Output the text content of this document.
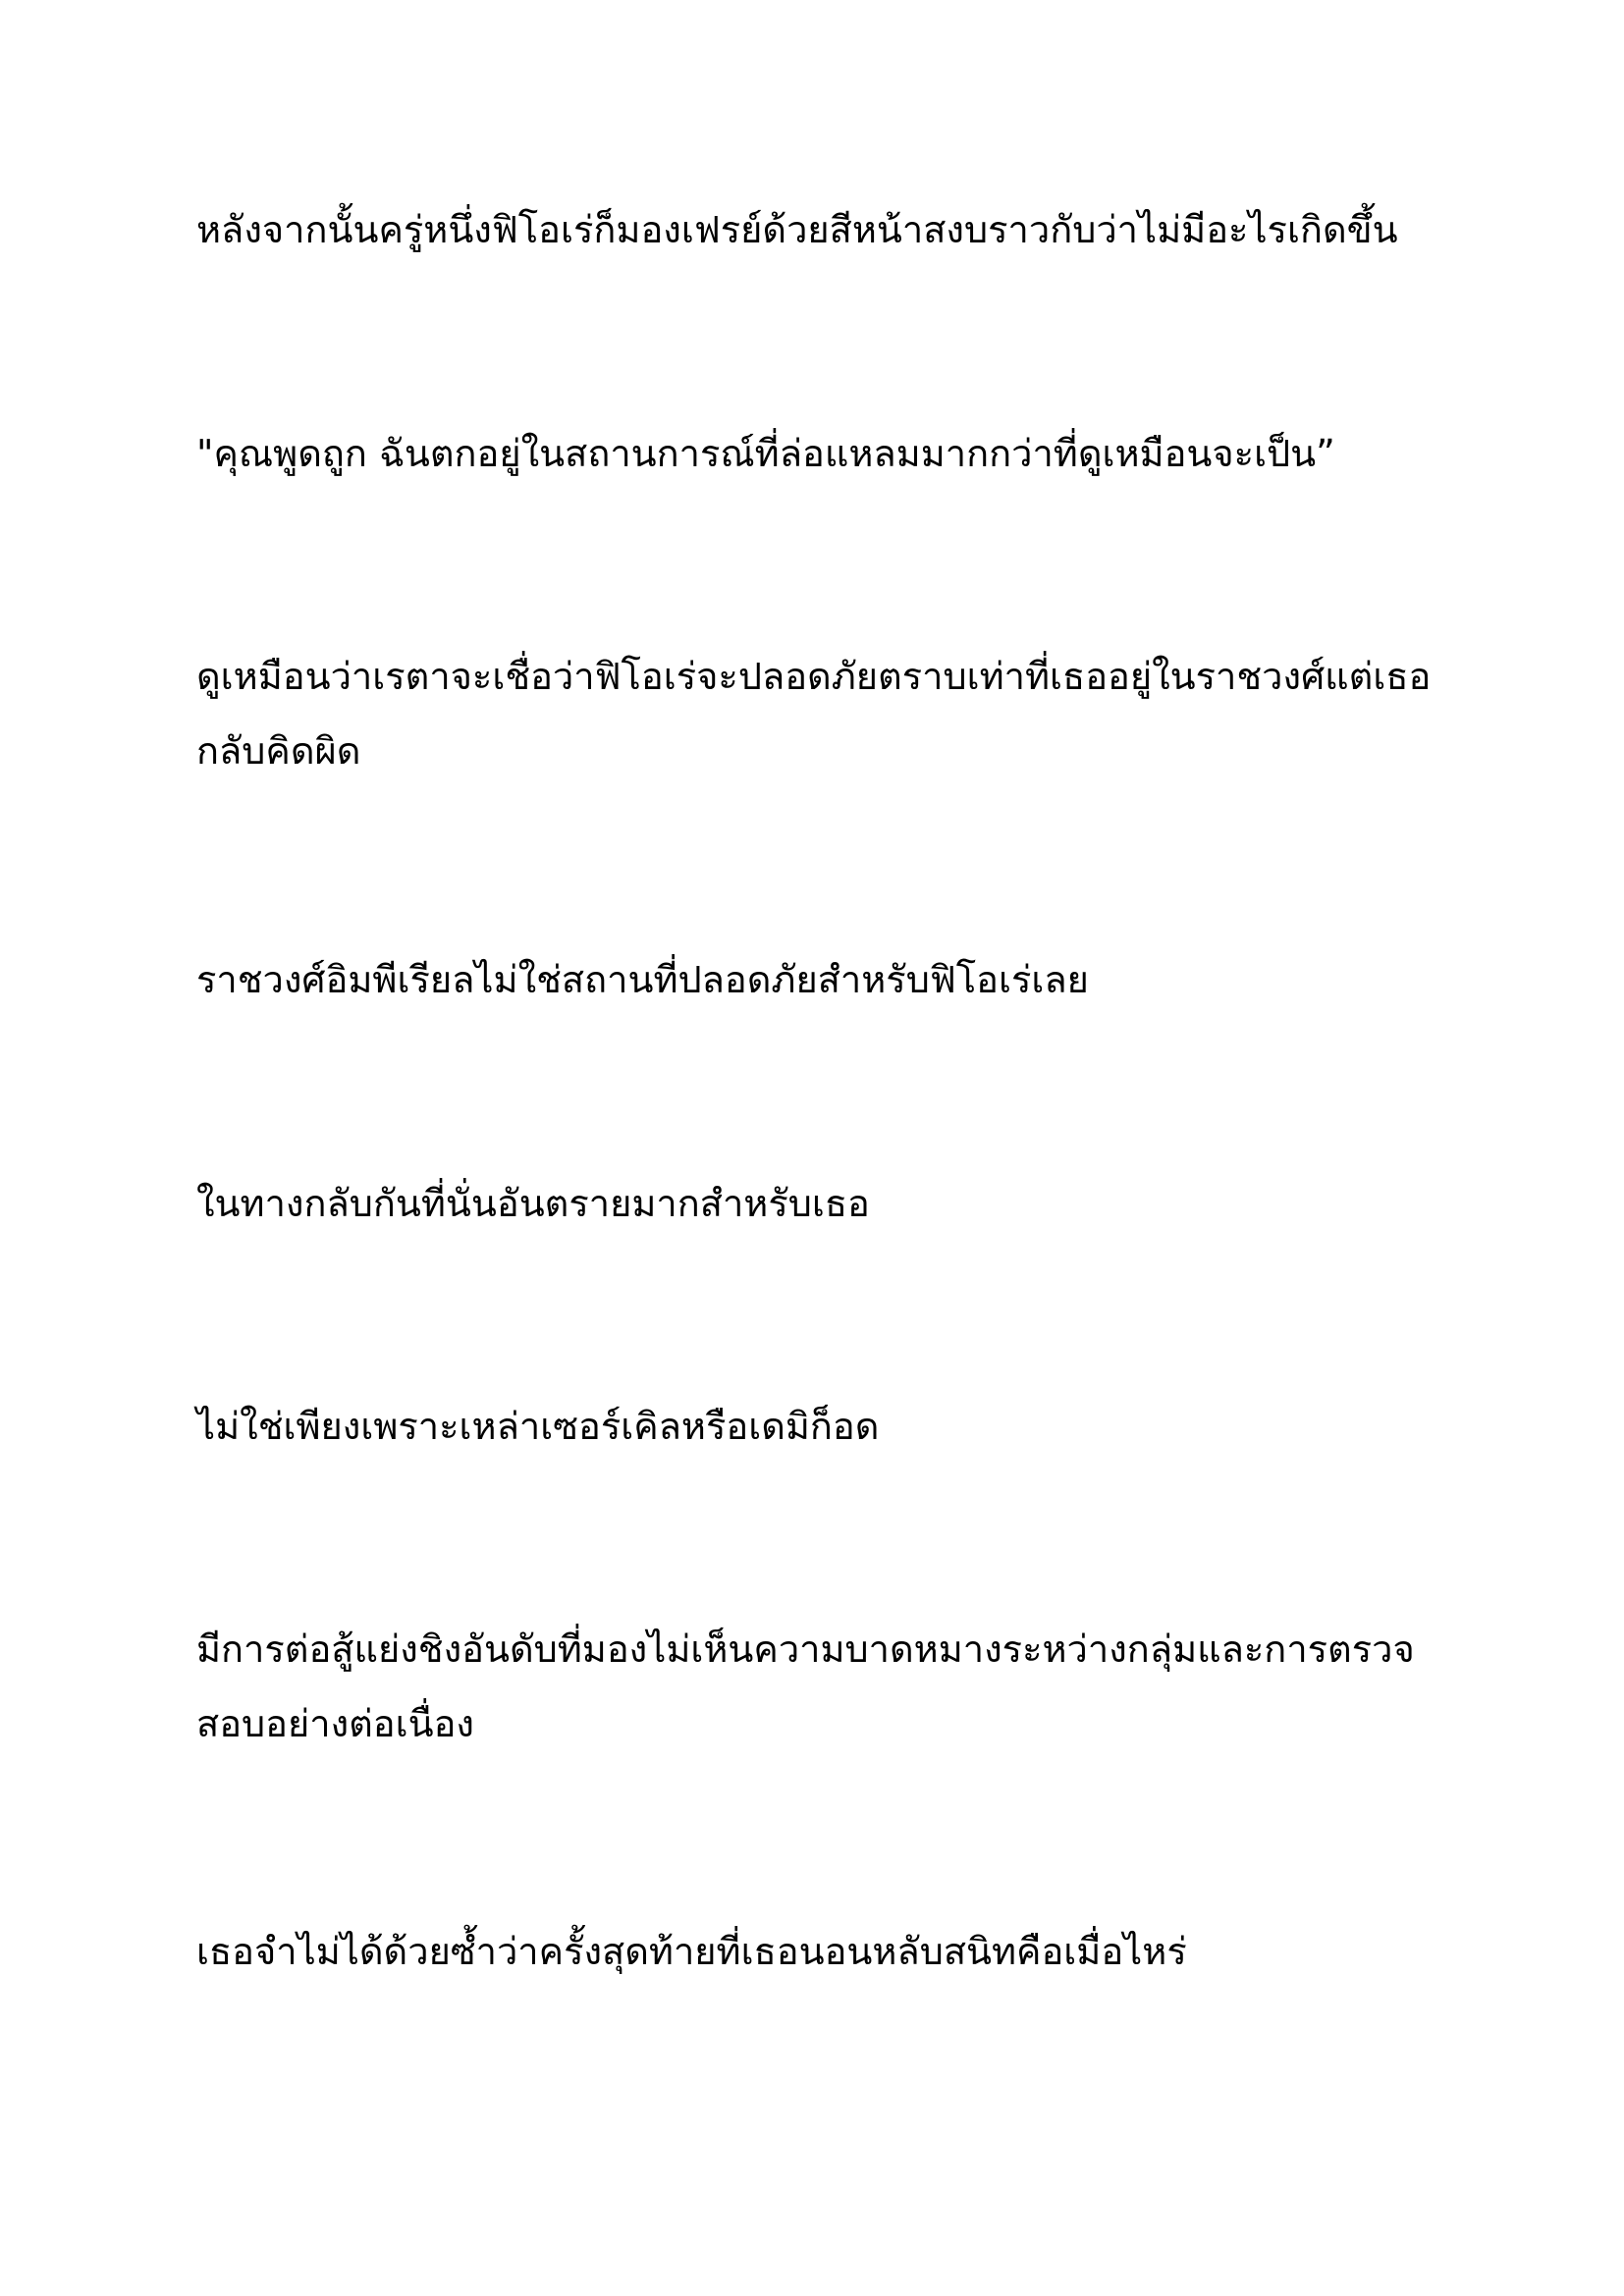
หลังจากนั้นครู่หนึ่งฟิโอเร่ก็มองเฟรย์ด้วยสีหน้าสงบราวกับว่าไม่มีอะไรเกิดขึ้น

"คุณพูดถูก ฉันตกอยู่ในสถานการณ์ที่ล่อแหลมมากกว่าที่ดูเหมือนจะเป็น”

ดูเหมือนว่าเรตาจะเชื่อว่าฟิโอเร่จะปลอดภัยตราบเท่าที่เธออยู่ในราชวงศ์แต่เธอกลับคิดผิด

ราชวงศ์อิมพีเรียลไม่ใช่สถานที่ปลอดภัยสำหรับฟิโอเร่เลย

ในทางกลับกันที่นั่นอันตรายมากสำหรับเธอ

ไม่ใช่เพียงเพราะเหล่าเซอร์เคิลหรือเดมิก็อด

มีการต่อสู้แย่งชิงอันดับที่มองไม่เห็นความบาดหมางระหว่างกลุ่มและการตรวจสอบอย่างต่อเนื่อง

เธอจำไม่ได้ด้วยซ้ำว่าครั้งสุดท้ายที่เธอนอนหลับสนิทคือเมื่อไหร่
